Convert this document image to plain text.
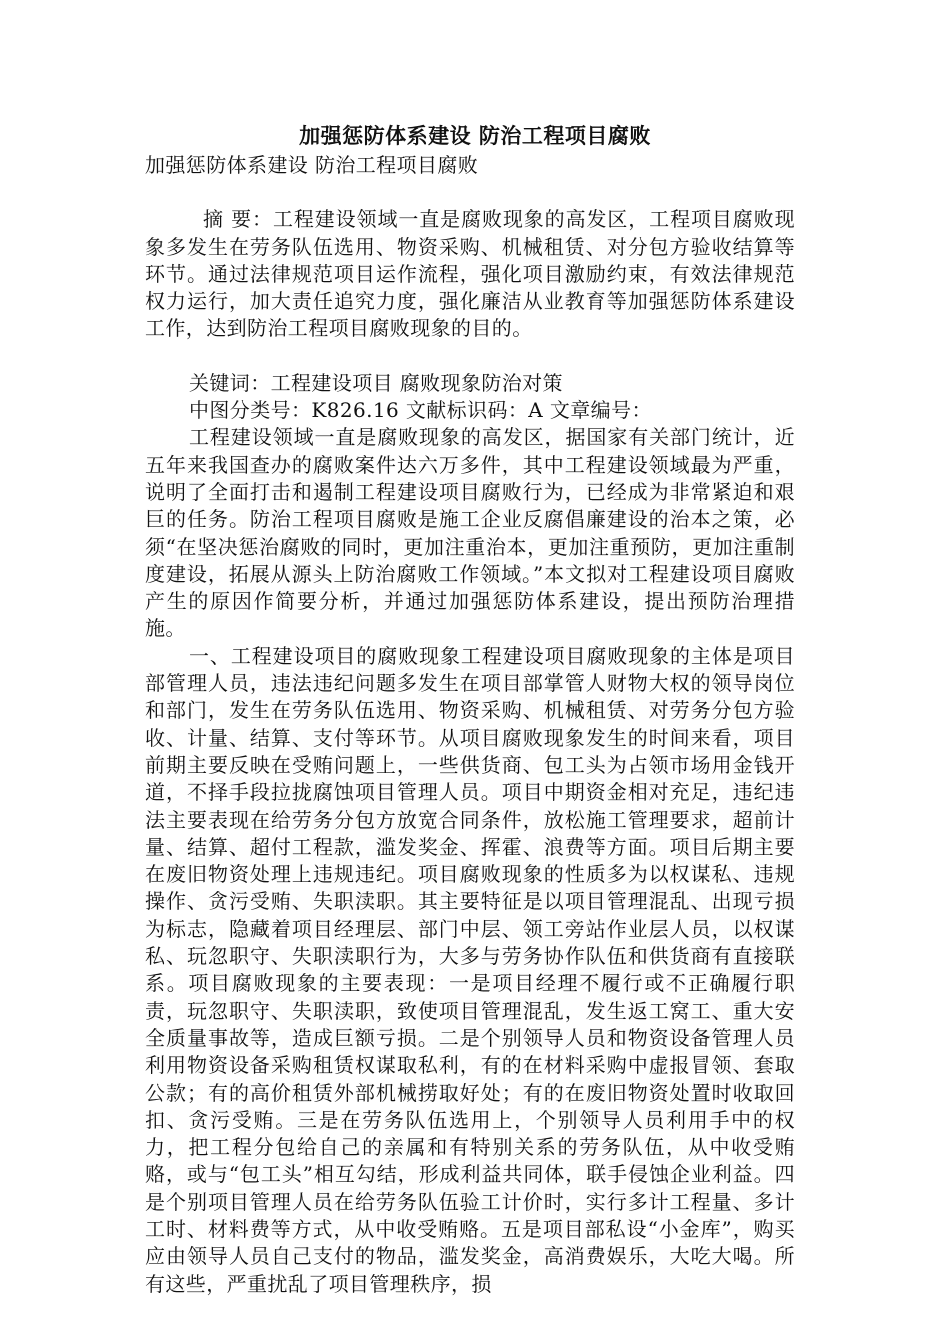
加强惩防体系建设 防治工程项目腐败

加强惩防体系建设 防治工程项目腐败

摘 要：工程建设领域一直是腐败现象的高发区，工程项目腐败现象多发生在劳务队伍选用、物资采购、机械租赁、对分包方验收结算等环节。通过法律规范项目运作流程，强化项目激励约束，有效法律规范权力运行，加大责任追究力度，强化廉洁从业教育等加强惩防体系建设 工作，达到防治工程项目腐败现象的目的。

关键词：工程建设项目 腐败现象防治对策

中图分类号：K826.16 文献标识码：A 文章编号：

工程建设领域一直是腐败现象的高发区，据国家有关部门统计，近五年来我国查办的腐败案件达六万多件，其中工程建设领域最为严重，说明了全面打击和遏制工程建设项目腐败行为，已经成为非常紧迫和艰巨的任务。防治工程项目腐败是施工企业反腐倡廉建设的治本之策，必须“在坚决惩治腐败的同时，更加注重治本，更加注重预防，更加注重制度建设，拓展从源头上防治腐败工作领域。”本文拟对工程建设项目腐败产生的原因作简要分析，并通过加强惩防体系建设，提出预防治理措施。

一、工程建设项目的腐败现象工程建设项目腐败现象的主体是项目部管理人员，违法违纪问题多发生在项目部掌管人财物大权的领导岗位和部门，发生在劳务队伍选用、物资采购、机械租赁、对劳务分包方验收、计量、结算、支付等环节。从项目腐败现象发生的时间来看，项目前期主要反映在受贿问题上，一些供货商、包工头为占领市场用金钱开道，不择手段拉拢腐蚀项目管理人员。项目中期资金相对充足，违纪违法主要表现在给劳务分包方放宽合同条件，放松施工管理要求，超前计量、结算、超付工程款，滥发奖金、挥霍、浪费等方面。项目后期主要在废旧物资处理上违规违纪。项目腐败现象的性质多为以权谋私、违规操作、贪污受贿、失职渎职。其主要特征是以项目管理混乱、出现亏损为标志，隐藏着项目经理层、部门中层、领工旁站作业层人员，以权谋私、玩忽职守、失职渎职行为，大多与劳务协作队伍和供货商有直接联系。项目腐败现象的主要表现：一是项目经理不履行或不正确履行职责，玩忽职守、失职渎职，致使项目管理混乱，发生返工窝工、重大安全质量事故等，造成巨额亏损。二是个别领导人员和物资设备管理人员利用物资设备采购租赁权谋取私利，有的在材料采购中虚报冒领、套取公款；有的高价租赁外部机械捞取好处；有的在废旧物资处置时收取回扣、贪污受贿。三是在劳务队伍选用上，个别领导人员利用手中的权力，把工程分包给自己的亲属和有特别关系的劳务队伍，从中收受贿赂，或与“包工头”相互勾结，形成利益共同体，联手侵蚀企业利益。四是个别项目管理人员在给劳务队伍验工计价时，实行多计工程量、多计工时、材料费等方式，从中收受贿赂。五是项目部私设“小金库”，购买应由领导人员自己支付的物品，滥发奖金，高消费娱乐，大吃大喝。所有这些，严重扰乱了项目管理秩序，损
